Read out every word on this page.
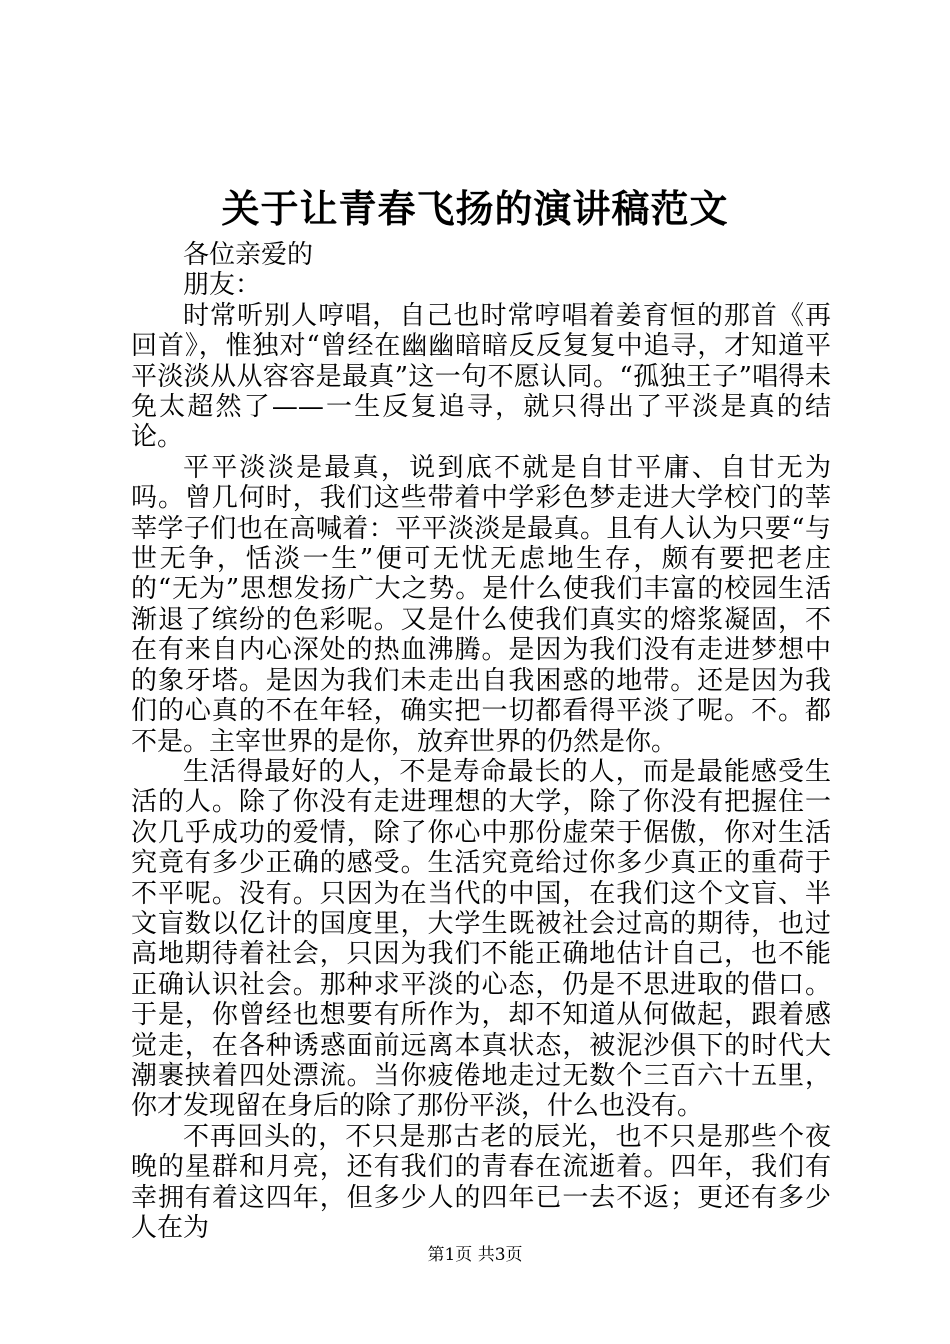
关于让青春飞扬的演讲稿范文

各位亲爱的

朋友：

时常听别人哼唱，自己也时常哼唱着姜育恒的那首《再回首》，惟独对“曾经在幽幽暗暗反反复复中追寻，才知道平平淡淡从从容容是最真”这一句不愿认同。“孤独王子”唱得未免太超然了——一生反复追寻，就只得出了平淡是真的结论。

平平淡淡是最真，说到底不就是自甘平庸、自甘无为吗。曾几何时，我们这些带着中学彩色梦走进大学校门的莘莘学子们也在高喊着：平平淡淡是最真。且有人认为只要“与世无争，恬淡一生”便可无忧无虑地生存，颇有要把老庄的“无为”思想发扬广大之势。是什么使我们丰富的校园生活渐退了缤纷的色彩呢。又是什么使我们真实的熔浆凝固，不在有来自内心深处的热血沸腾。是因为我们没有走进梦想中的象牙塔。是因为我们未走出自我困惑的地带。还是因为我们的心真的不在年轻，确实把一切都看得平淡了呢。不。都不是。主宰世界的是你，放弃世界的仍然是你。

生活得最好的人，不是寿命最长的人，而是最能感受生活的人。除了你没有走进理想的大学，除了你没有把握住一次几乎成功的爱情，除了你心中那份虚荣于倨傲，你对生活究竟有多少正确的感受。生活究竟给过你多少真正的重荷于不平呢。没有。只因为在当代的中国，在我们这个文盲、半文盲数以亿计的国度里，大学生既被社会过高的期待，也过高地期待着社会，只因为我们不能正确地估计自己，也不能正确认识社会。那种求平淡的心态，仍是不思进取的借口。于是，你曾经也想要有所作为，却不知道从何做起，跟着感觉走，在各种诱惑面前远离本真状态，被泥沙俱下的时代大潮裹挟着四处漂流。当你疲倦地走过无数个三百六十五里，你才发现留在身后的除了那份平淡，什么也没有。

不再回头的，不只是那古老的辰光，也不只是那些个夜晚的星群和月亮，还有我们的青春在流逝着。四年，我们有幸拥有着这四年，但多少人的四年已一去不返；更还有多少人在为

第1页 共3页
